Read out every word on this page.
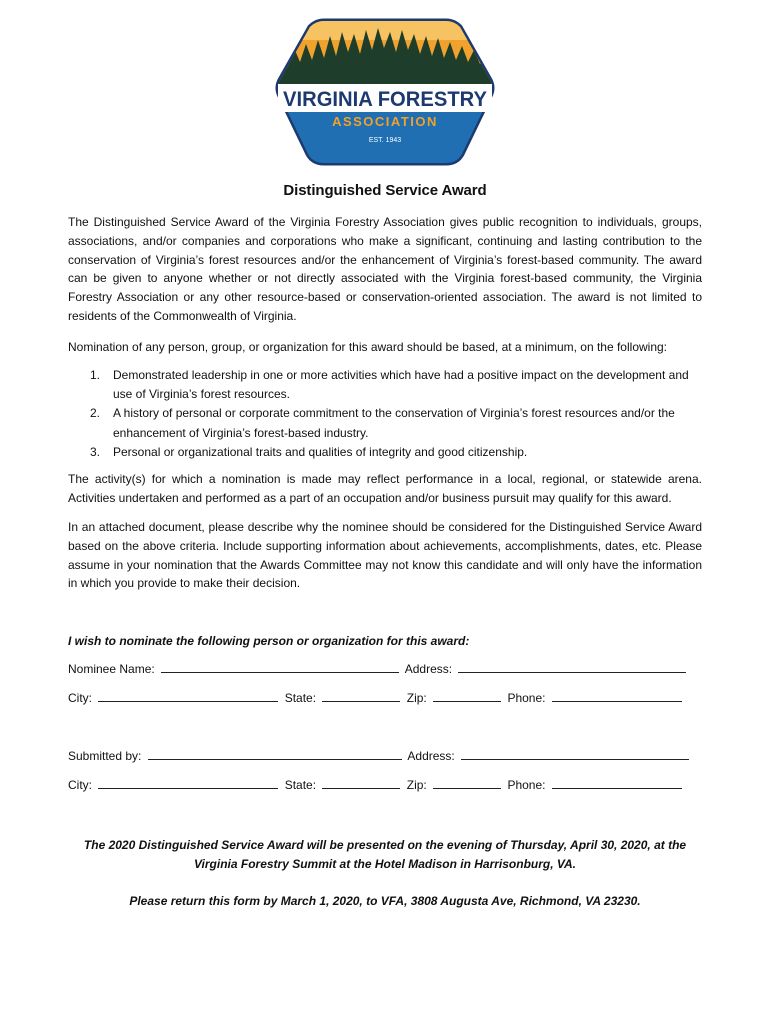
VIRGINIA FORESTRY
ASSOCIATION
EST. 1943
Distinguished Service Award

The Distinguished Service Award of the Virginia Forestry Association gives public recognition to individuals, groups, associations, and/or companies and corporations who make a significant, continuing and lasting contribution to the conservation of Virginia’s forest resources and/or the enhancement of Virginia’s forest-based community. The award can be given to anyone whether or not directly associated with the Virginia forest-based community, the Virginia Forestry Association or any other resource-based or conservation-oriented association. The award is not limited to residents of the Commonwealth of Virginia.

Nomination of any person, group, or organization for this award should be based, at a minimum, on the following:

1. Demonstrated leadership in one or more activities which have had a positive impact on the development and use of Virginia’s forest resources.
2. A history of personal or corporate commitment to the conservation of Virginia’s forest resources and/or the enhancement of Virginia’s forest-based industry.
3. Personal or organizational traits and qualities of integrity and good citizenship.

The activity(s) for which a nomination is made may reflect performance in a local, regional, or statewide arena. Activities undertaken and performed as a part of an occupation and/or business pursuit may qualify for this award.

In an attached document, please describe why the nominee should be considered for the Distinguished Service Award based on the above criteria. Include supporting information about achievements, accomplishments, dates, etc. Please assume in your nomination that the Awards Committee may not know this candidate and will only have the information in which you provide to make their decision.

I wish to nominate the following person or organization for this award:

Nominee Name:	Address:
City:	State:	Zip:	Phone:
Submitted by:	Address:
City:	State:	Zip:	Phone:
The 2020 Distinguished Service Award will be presented on the evening of Thursday, April 30, 2020, at the
Virginia Forestry Summit at the Hotel Madison in Harrisonburg, VA.
Please return this form by March 1, 2020, to VFA, 3808 Augusta Ave, Richmond, VA 23230.
